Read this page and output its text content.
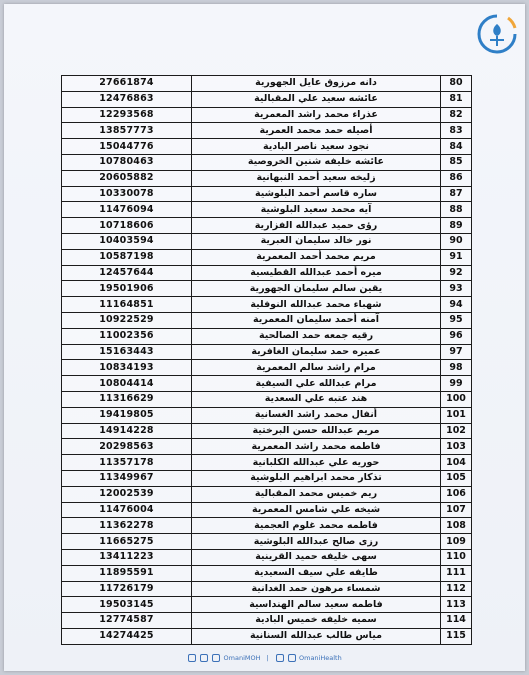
80	دانه مرزوق عايل الجهورية	27661874
81	عائشه سعيد علي المقبالية	12476863
82	عذراء محمد راشد المعمرية	12293568
83	أصيله حمد محمد العمرية	13857773
84	نجود سعيد ناصر البادية	15044776
85	عائشه خليفه شنين الخروصية	10780463
86	زليخه سعيد أحمد النبهانية	20605882
87	ساره قاسم أحمد البلوشية	10330078
88	آيه محمد سعيد البلوشية	11476094
89	رؤى حميد عبدالله الفزارية	10718606
90	نور خالد سليمان العبرية	10403594
91	مريم محمد أحمد المعمرية	10587198
92	ميره أحمد عبدالله القطيسية	12457644
93	يقين سالم سليمان الجهورية	19501906
94	شهباء محمد عبدالله النوفلية	11164851
95	آمنه أحمد سليمان المعمرية	10922529
96	رقيه جمعه حمد الصالحية	11002356
97	عميره حمد سليمان الغافرية	15163443
98	مرام راشد سالم المعمرية	10834193
99	مرام عبدالله علي السيفية	10804414
100	هند عتبه علي السعدية	11316629
101	أنفال محمد راشد الغسانية	19419805
102	مريم عبدالله حسن البرختية	14914228
103	فاطمه محمد راشد المعمرية	20298563
104	حوريه علي عبدالله الكلبانية	11357178
105	تذكار محمد ابراهيم البلوشية	11349967
106	ريم خميس محمد المقبالية	12002539
107	شيخه علي شامس المعمرية	11476004
108	فاطمه محمد غلوم العجمية	11362278
109	رزى صالح عبدالله البلوشية	11665275
110	سهى خليفه حميد القرينية	13411223
111	طايفه علي سيف السعيدية	11895591
112	شمساء مرهون حمد الغدانية	11726179
113	فاطمه سعيد سالم الهنداسية	19503145
114	سميه خليفه خميس البادية	12774587
115	مياس طالب عبدالله السنانية	14274425
OmaniMOH |	OmaniHealth
